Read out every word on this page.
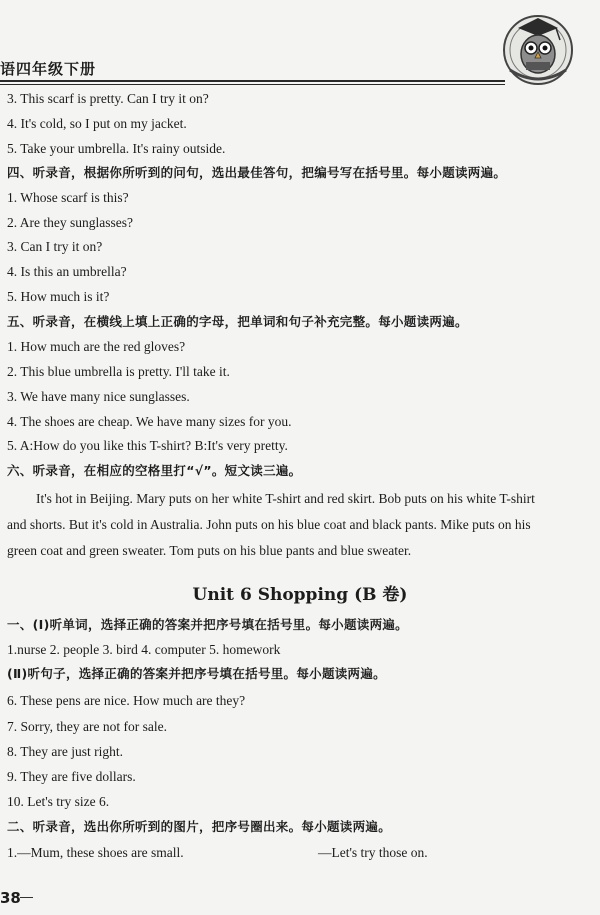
语四年级下册
3. This scarf is pretty. Can I try it on?
4. It's cold, so I put on my jacket.
5. Take your umbrella. It's rainy outside.
四、听录音，根据你所听到的问句，选出最佳答句，把编号写在括号里。每小题读两遍。
1. Whose scarf is this?
2. Are they sunglasses?
3. Can I try it on?
4. Is this an umbrella?
5. How much is it?
五、听录音，在横线上填上正确的字母，把单词和句子补充完整。每小题读两遍。
1. How much are the red gloves?
2. This blue umbrella is pretty. I'll take it.
3. We have many nice sunglasses.
4. The shoes are cheap. We have many sizes for you.
5. A:How do you like this T-shirt? B:It's very pretty.
六、听录音，在相应的空格里打“√”。短文读三遍。
It's hot in Beijing. Mary puts on her white T-shirt and red skirt. Bob puts on his white T-shirt
and shorts. But it's cold in Australia. John puts on his blue coat and black pants. Mike puts on his
green coat and green sweater. Tom puts on his blue pants and blue sweater.
Unit 6 Shopping (B 卷)
一、(Ⅰ)听单词，选择正确的答案并把序号填在括号里。每小题读两遍。
1.nurse 2. people 3. bird 4. computer 5. homework
(Ⅱ)听句子，选择正确的答案并把序号填在括号里。每小题读两遍。
6. These pens are nice. How much are they?
7. Sorry, they are not for sale.
8. They are just right.
9. They are five dollars.
10. Let's try size 6.
二、听录音，选出你所听到的图片，把序号圈出来。每小题读两遍。
1.—Mum, these shoes are small.	—Let's try those on.
38
